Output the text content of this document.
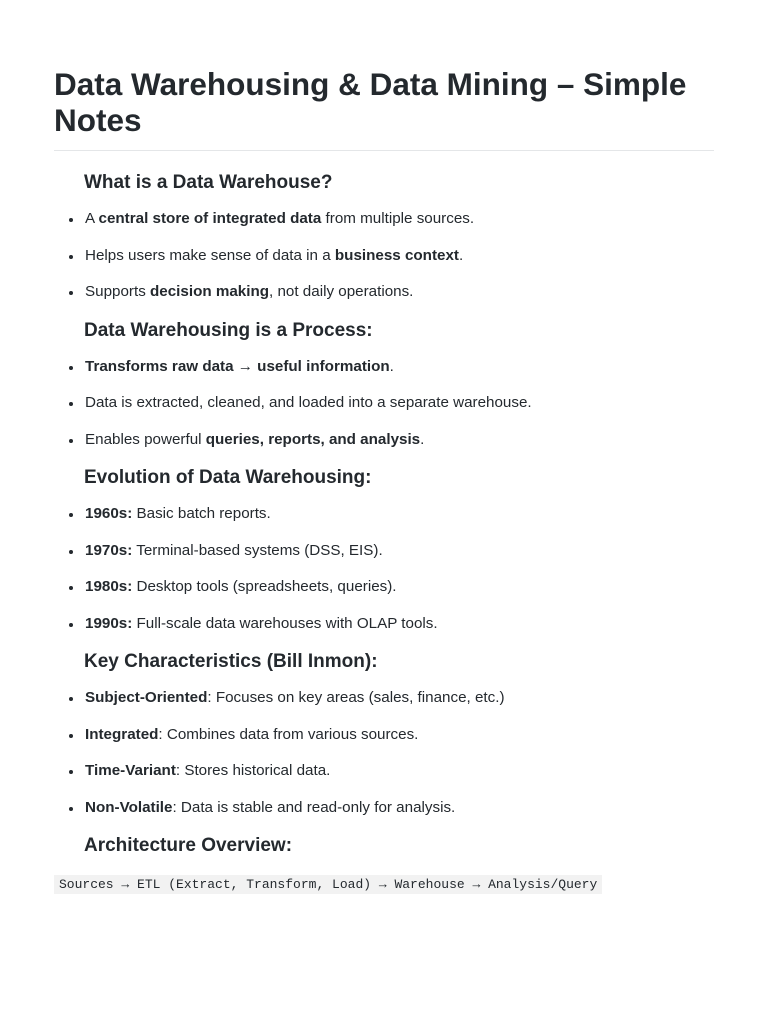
Data Warehousing & Data Mining – Simple Notes
What is a Data Warehouse?
A central store of integrated data from multiple sources.
Helps users make sense of data in a business context.
Supports decision making, not daily operations.
Data Warehousing is a Process:
Transforms raw data → useful information.
Data is extracted, cleaned, and loaded into a separate warehouse.
Enables powerful queries, reports, and analysis.
Evolution of Data Warehousing:
1960s: Basic batch reports.
1970s: Terminal-based systems (DSS, EIS).
1980s: Desktop tools (spreadsheets, queries).
1990s: Full-scale data warehouses with OLAP tools.
Key Characteristics (Bill Inmon):
Subject-Oriented: Focuses on key areas (sales, finance, etc.)
Integrated: Combines data from various sources.
Time-Variant: Stores historical data.
Non-Volatile: Data is stable and read-only for analysis.
Architecture Overview:
Sources → ETL (Extract, Transform, Load) → Warehouse → Analysis/Query
